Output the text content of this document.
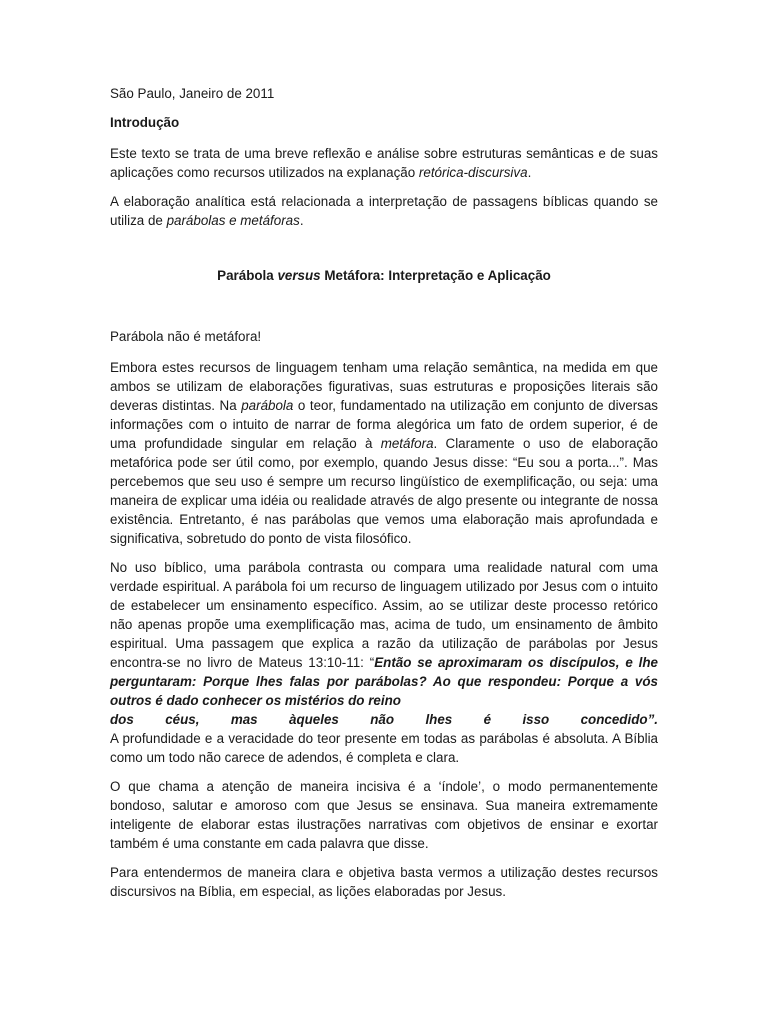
São Paulo, Janeiro de 2011

Introdução

Este texto se trata de uma breve reflexão e análise sobre estruturas semânticas e de suas aplicações como recursos utilizados na explanação retórica-discursiva.

A elaboração analítica está relacionada a interpretação de passagens bíblicas quando se utiliza de parábolas e metáforas.

Parábola versus Metáfora: Interpretação e Aplicação

Parábola não é metáfora!

Embora estes recursos de linguagem tenham uma relação semântica, na medida em que ambos se utilizam de elaborações figurativas, suas estruturas e proposições literais são deveras distintas. Na parábola o teor, fundamentado na utilização em conjunto de diversas informações com o intuito de narrar de forma alegórica um fato de ordem superior, é de uma profundidade singular em relação à metáfora. Claramente o uso de elaboração metafórica pode ser útil como, por exemplo, quando Jesus disse: “Eu sou a porta...”. Mas percebemos que seu uso é sempre um recurso lingüístico de exemplificação, ou seja: uma maneira de explicar uma idéia ou realidade através de algo presente ou integrante de nossa existência. Entretanto, é nas parábolas que vemos uma elaboração mais aprofundada e significativa, sobretudo do ponto de vista filosófico.

No uso bíblico, uma parábola contrasta ou compara uma realidade natural com uma verdade espiritual. A parábola foi um recurso de linguagem utilizado por Jesus com o intuito de estabelecer um ensinamento específico. Assim, ao se utilizar deste processo retórico não apenas propõe uma exemplificação mas, acima de tudo, um ensinamento de âmbito espiritual. Uma passagem que explica a razão da utilização de parábolas por Jesus encontra-se no livro de Mateus 13:10-11: “Então se aproximaram os discípulos, e lhe perguntaram: Porque lhes falas por parábolas? Ao que respondeu: Porque a vós outros é dado conhecer os mistérios do reino

dos céus, mas àqueles não lhes é isso concedido”.

A profundidade e a veracidade do teor presente em todas as parábolas é absoluta. A Bíblia como um todo não carece de adendos, é completa e clara.

O que chama a atenção de maneira incisiva é a ‘índole’, o modo permanentemente bondoso, salutar e amoroso com que Jesus se ensinava. Sua maneira extremamente inteligente de elaborar estas ilustrações narrativas com objetivos de ensinar e exortar também é uma constante em cada palavra que disse.

Para entendermos de maneira clara e objetiva basta vermos a utilização destes recursos discursivos na Bíblia, em especial, as lições elaboradas por Jesus.
